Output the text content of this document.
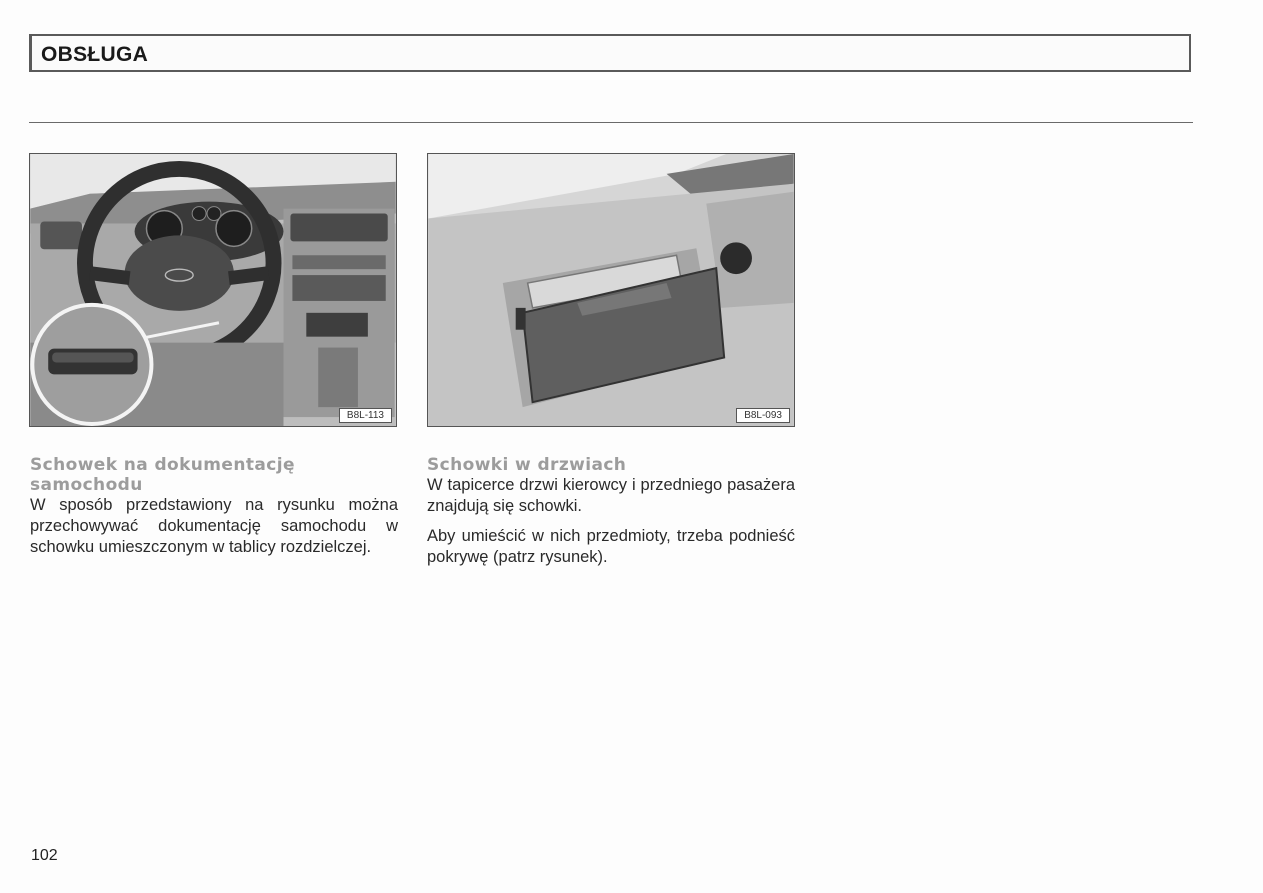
OBSŁUGA
B8L-113	B8L-093
Schowek na dokumentację samochodu

W sposób przedstawiony na rysunku można przechowywać dokumentację samochodu w schowku umieszczonym w tablicy rozdzielczej.

Schowki w drzwiach

W tapicerce drzwi kierowcy i przedniego pasażera znajdują się schowki.

Aby umieścić w nich przedmioty, trzeba podnieść pokrywę (patrz rysunek).

102
